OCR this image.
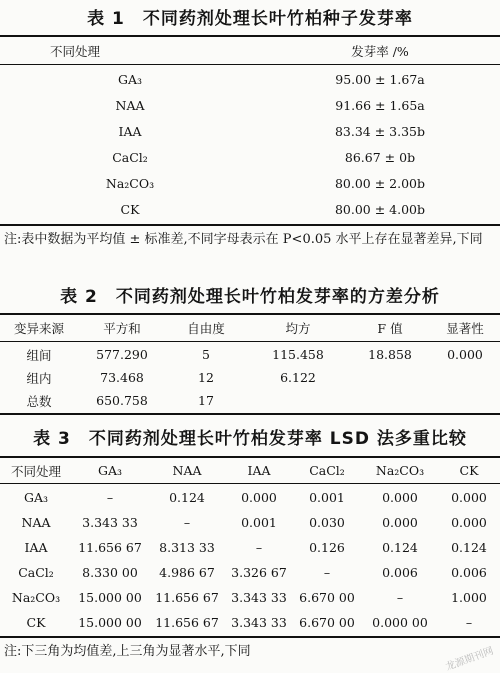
表 1　不同药剂处理长叶竹柏种子发芽率
不同处理	发芽率 /%
GA₃	95.00 ± 1.67a
NAA	91.66 ± 1.65a
IAA	83.34 ± 3.35b
CaCl₂	86.67 ± 0b
Na₂CO₃	80.00 ± 2.00b
CK	80.00 ± 4.00b
注:表中数据为平均值 ± 标准差,不同字母表示在 P<0.05 水平上存在显著差异,下同
表 2　不同药剂处理长叶竹柏发芽率的方差分析
变异来源	平方和	自由度	均方	F 值	显著性
组间	577.290	5	115.458	18.858	0.000
组内	73.468	12	6.122		
总数	650.758	17			
表 3　不同药剂处理长叶竹柏发芽率 LSD 法多重比较
不同处理	GA₃	NAA	IAA	CaCl₂	Na₂CO₃	CK
GA₃	–	0.124	0.000	0.001	0.000	0.000
NAA	3.343 33	–	0.001	0.030	0.000	0.000
IAA	11.656 67	8.313 33	–	0.126	0.124	0.124
CaCl₂	8.330 00	4.986 67	3.326 67	–	0.006	0.006
Na₂CO₃	15.000 00	11.656 67	3.343 33	6.670 00	–	1.000
CK	15.000 00	11.656 67	3.343 33	6.670 00	0.000 00	–
注:下三角为均值差,上三角为显著水平,下同	龙源期刊网
